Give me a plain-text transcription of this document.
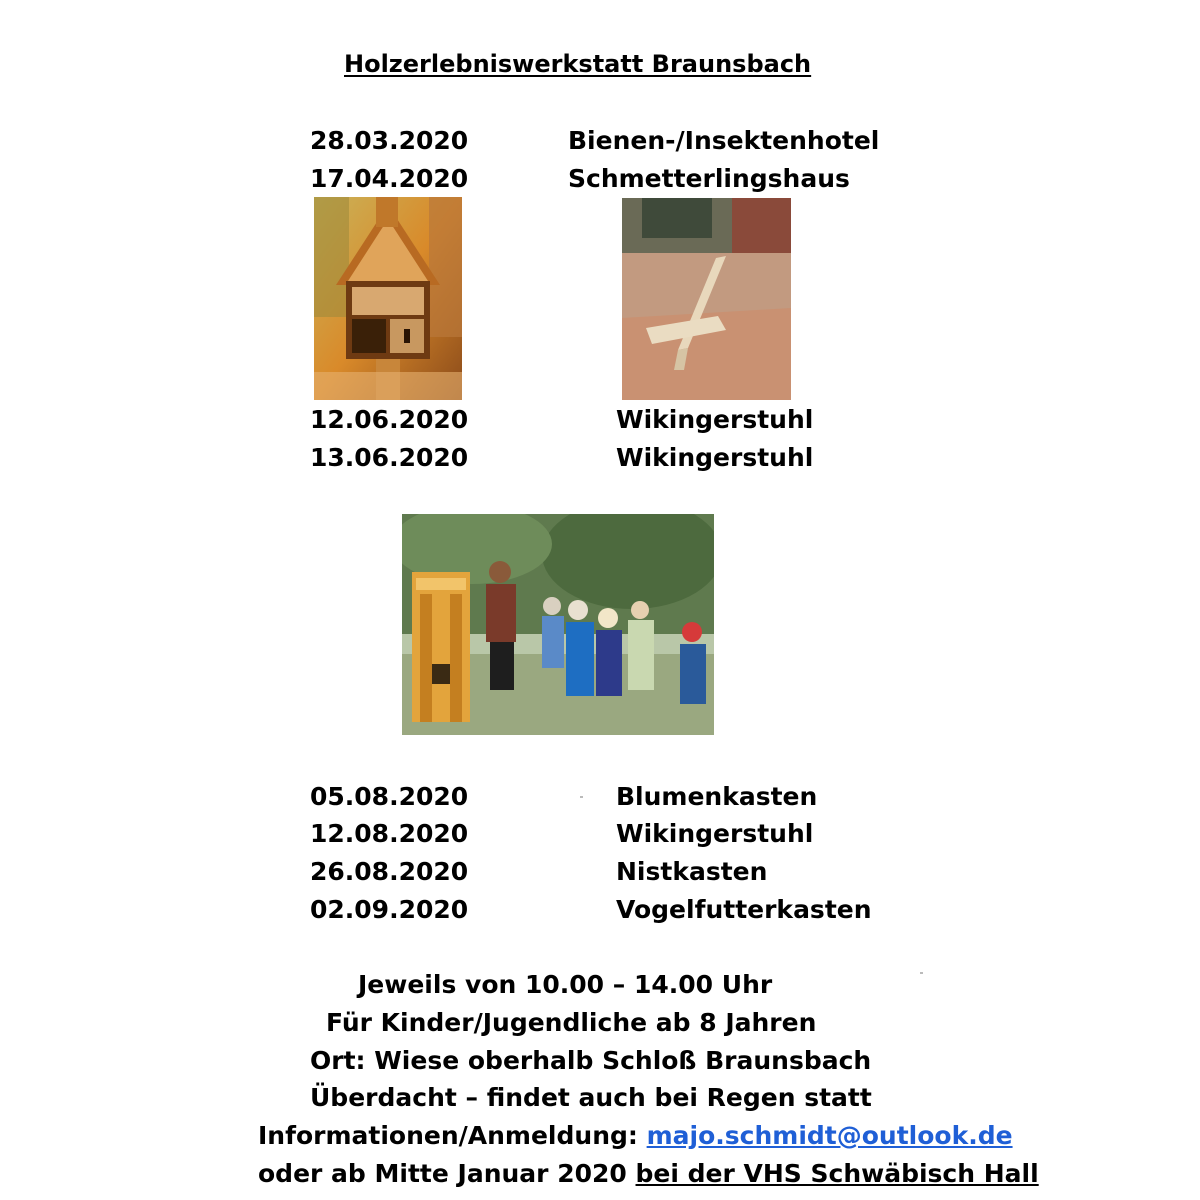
Holzerlebniswerkstatt Braunsbach
28.03.2020	Bienen-/Insektenhotel
17.04.2020	Schmetterlingshaus
12.06.2020	Wikingerstuhl
13.06.2020	Wikingerstuhl
05.08.2020	Blumenkasten
12.08.2020	Wikingerstuhl
26.08.2020	Nistkasten
02.09.2020	Vogelfutterkasten
Jeweils von 10.00 – 14.00 Uhr
Für Kinder/Jugendliche ab 8 Jahren
Ort: Wiese oberhalb Schloß Braunsbach
Überdacht – findet auch bei Regen statt
Informationen/Anmeldung: majo.schmidt@outlook.de
oder ab Mitte Januar 2020 bei der VHS Schwäbisch Hall
